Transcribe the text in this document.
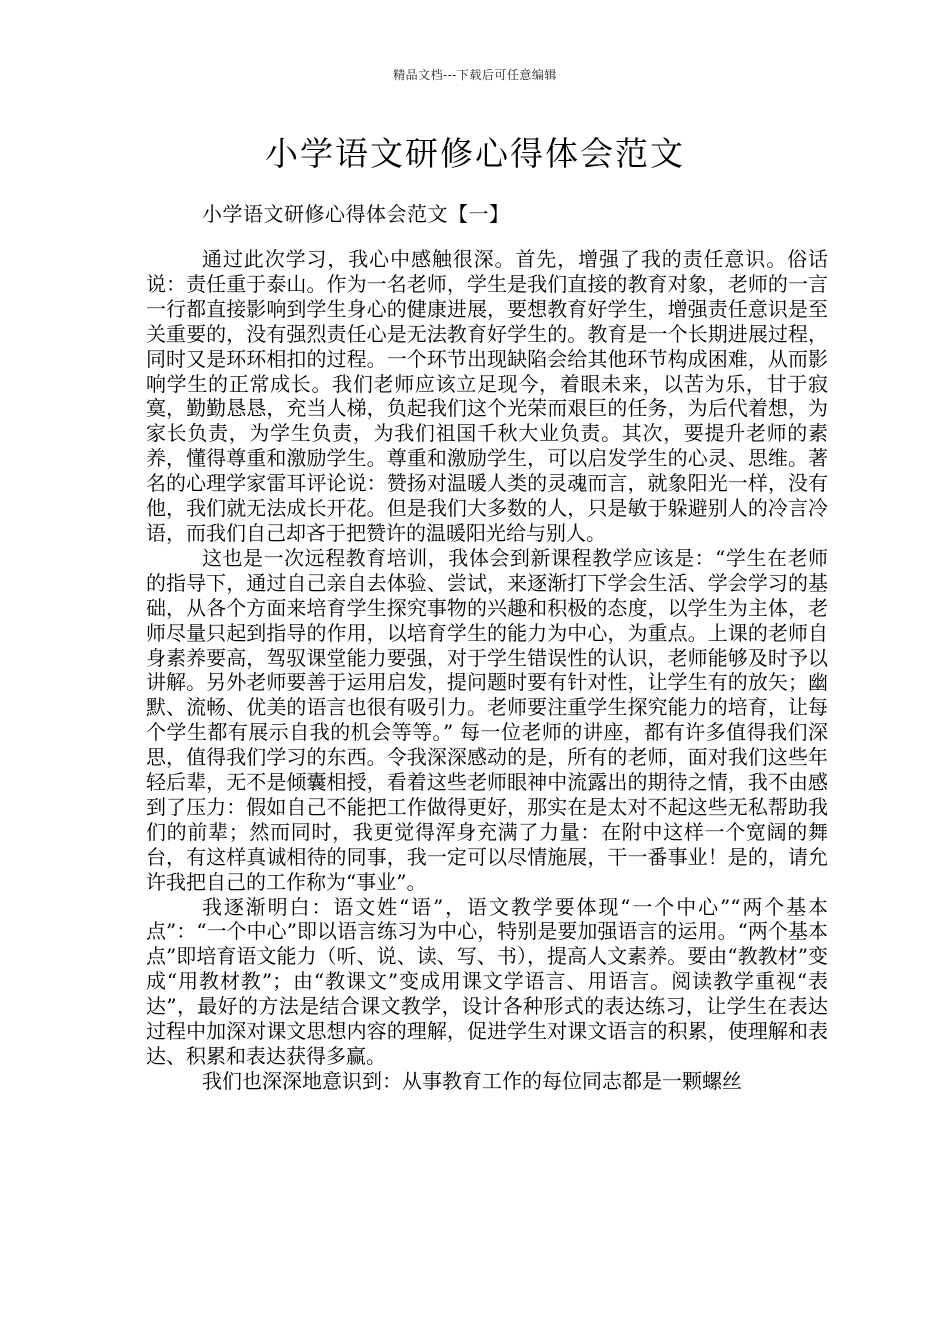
精品文档---下载后可任意编辑
小学语文研修心得体会范文
小学语文研修心得体会范文【一】

通过此次学习，我心中感触很深。首先，增强了我的责任意识。俗话说：责任重于泰山。作为一名老师，学生是我们直接的教育对象，老师的一言一行都直接影响到学生身心的健康进展，要想教育好学生，增强责任意识是至关重要的，没有强烈责任心是无法教育好学生的。教育是一个长期进展过程，同时又是环环相扣的过程。一个环节出现缺陷会给其他环节构成困难，从而影响学生的正常成长。我们老师应该立足现今，着眼未来，以苦为乐，甘于寂寞，勤勤恳恳，充当人梯，负起我们这个光荣而艰巨的任务，为后代着想，为家长负责，为学生负责，为我们祖国千秋大业负责。其次，要提升老师的素养，懂得尊重和激励学生。尊重和激励学生，可以启发学生的心灵、思维。著名的心理学家雷耳评论说：赞扬对温暖人类的灵魂而言，就象阳光一样，没有他，我们就无法成长开花。但是我们大多数的人，只是敏于躲避别人的冷言冷语，而我们自己却吝于把赞许的温暖阳光给与别人。

这也是一次远程教育培训，我体会到新课程教学应该是：“学生在老师的指导下，通过自己亲自去体验、尝试，来逐渐打下学会生活、学会学习的基础，从各个方面来培育学生探究事物的兴趣和积极的态度，以学生为主体，老师尽量只起到指导的作用，以培育学生的能力为中心，为重点。上课的老师自身素养要高，驾驭课堂能力要强，对于学生错误性的认识，老师能够及时予以讲解。另外老师要善于运用启发，提问题时要有针对性，让学生有的放矢；幽默、流畅、优美的语言也很有吸引力。老师要注重学生探究能力的培育，让每个学生都有展示自我的机会等等。” 每一位老师的讲座，都有许多值得我们深思，值得我们学习的东西。令我深深感动的是，所有的老师，面对我们这些年轻后辈，无不是倾囊相授，看着这些老师眼神中流露出的期待之情，我不由感到了压力：假如自己不能把工作做得更好，那实在是太对不起这些无私帮助我们的前辈；然而同时，我更觉得浑身充满了力量：在附中这样一个宽阔的舞台，有这样真诚相待的同事，我一定可以尽情施展，干一番事业！是的，请允许我把自己的工作称为“事业”。

我逐渐明白：语文姓“语”，语文教学要体现“一个中心”“两个基本点”：“一个中心”即以语言练习为中心，特别是要加强语言的运用。“两个基本点”即培育语文能力（听、说、读、写、书），提高人文素养。要由“教教材”变成“用教材教”；由“教课文”变成用课文学语言、用语言。阅读教学重视“表达”，最好的方法是结合课文教学，设计各种形式的表达练习，让学生在表达过程中加深对课文思想内容的理解，促进学生对课文语言的积累，使理解和表达、积累和表达获得多赢。

我们也深深地意识到：从事教育工作的每位同志都是一颗螺丝
